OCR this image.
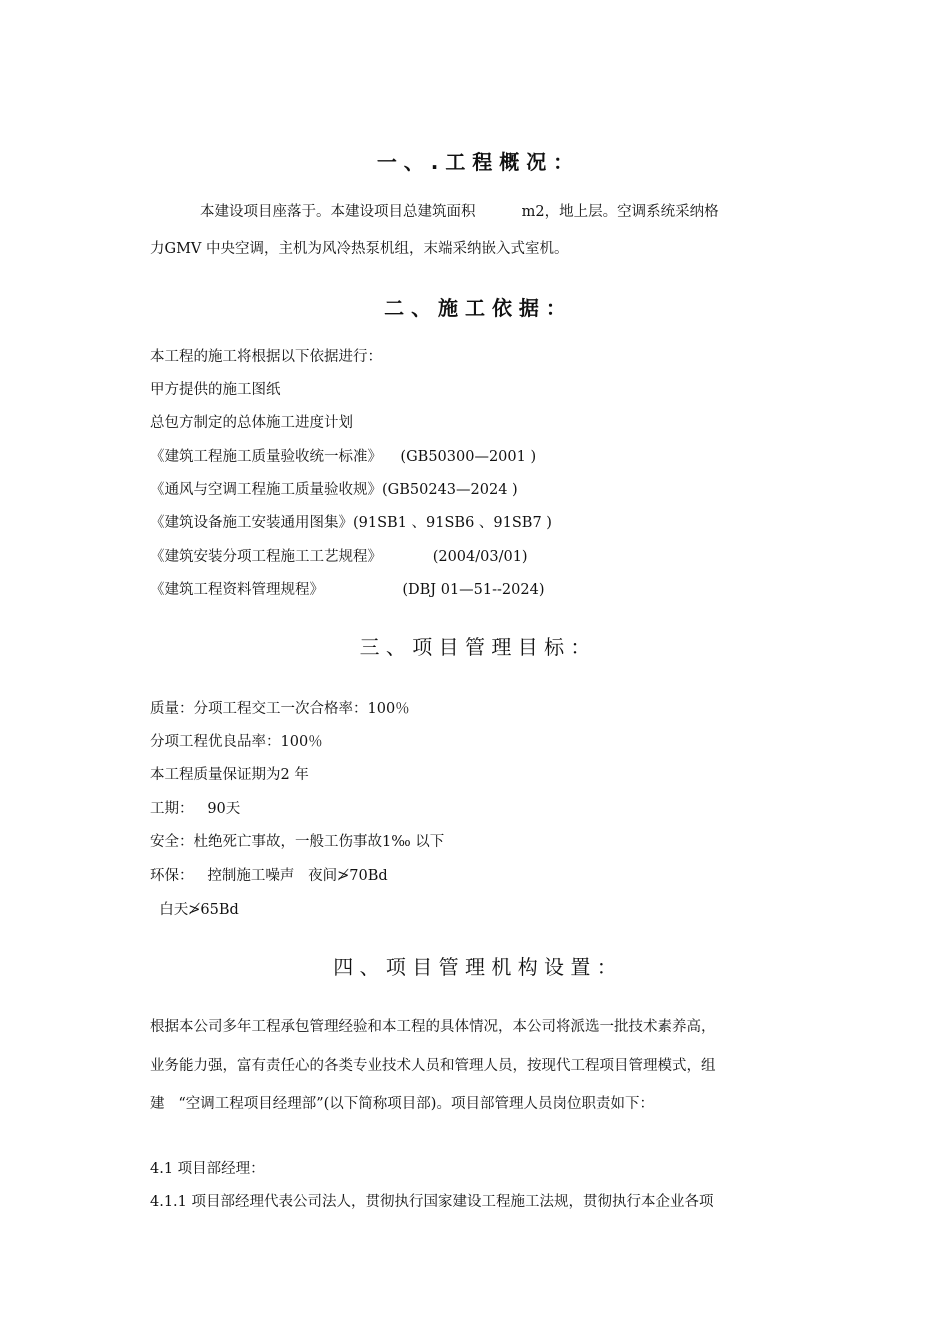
一 、 . 工 程 概 况 ：
本建设项目座落于。本建设项目总建筑面积          m2，地上层。空调系统采纳格
力GMV 中央空调，主机为风冷热泵机组，末端采纳嵌入式室机。
二 、 施 工 依 据 ：
本工程的施工将根据以下依据进行：
甲方提供的施工图纸
总包方制定的总体施工进度计划
《建筑工程施工质量验收统一标准》    (GB50300—2001 )
《通风与空调工程施工质量验收规》(GB50243—2024 )
《建筑设备施工安装通用图集》(91SB1 、91SB6 、91SB7 )
《建筑安装分项工程施工工艺规程》           (2004/03/01)
《建筑工程资料管理规程》                 (DBJ 01—51--2024)
三 、 项 目 管 理 目 标 ：
质量：分项工程交工一次合格率：100％
分项工程优良品率：100％
本工程质量保证期为2 年
工期：   90天
安全：杜绝死亡事故，一般工伤事故1‰ 以下
环保：   控制施工噪声   夜间≯70Bd
白天≯65Bd
四 、 项 目 管 理 机 构 设 置 ：
根据本公司多年工程承包管理经验和本工程的具体情况，本公司将派选一批技术素养高，
业务能力强，富有责任心的各类专业技术人员和管理人员，按现代工程项目管理模式，组
建   “空调工程项目经理部”(以下简称项目部)。项目部管理人员岗位职责如下：
4.1 项目部经理：
4.1.1 项目部经理代表公司法人，贯彻执行国家建设工程施工法规，贯彻执行本企业各项
